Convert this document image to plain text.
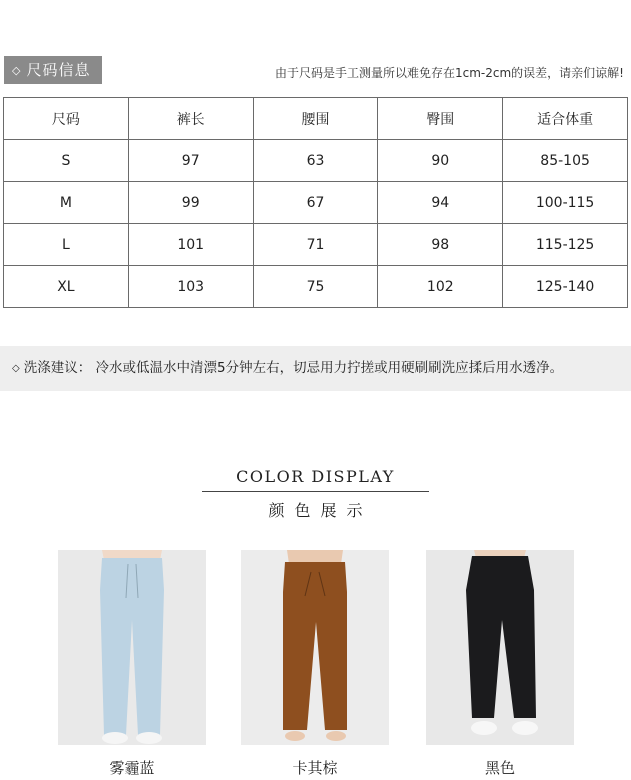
◇ 尺码信息	由于尺码是手工测量所以难免存在1cm-2cm的误差，请亲们谅解!
尺码	裤长	腰围	臀围	适合体重
S	97	63	90	85-105
M	99	67	94	100-115
L	101	71	98	115-125
XL	103	75	102	125-140
◇ 洗涤建议： 冷水或低温水中清漂5分钟左右，切忌用力拧搓或用硬刷刷洗应揉后用水透净。
COLOR DISPLAY
颜色展示
雾霾蓝	卡其棕	黑色
